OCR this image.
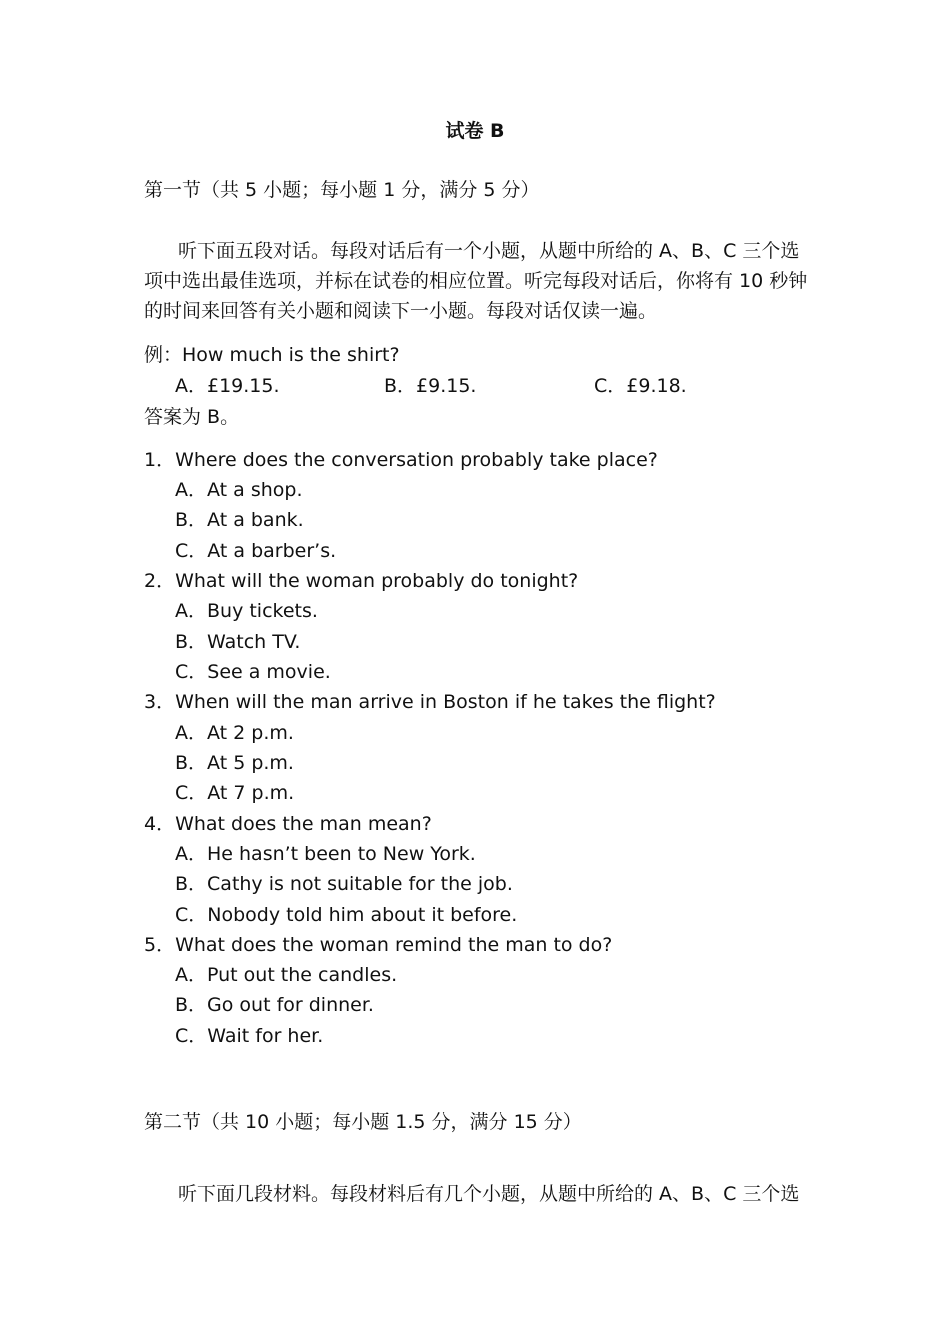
试卷 B
第一节（共 5 小题；每小题 1 分，满分 5 分）
听下面五段对话。每段对话后有一个小题，从题中所给的 A、B、C 三个选
项中选出最佳选项，并标在试卷的相应位置。听完每段对话后，你将有 10 秒钟
的时间来回答有关小题和阅读下一小题。每段对话仅读一遍。
例：How much is the shirt?
A．£19.15.	B．£9.15.	C．£9.18.
答案为 B。
1．Where does the conversation probably take place?
A．At a shop.
B．At a bank.
C．At a barber’s.
2．What will the woman probably do tonight?
A．Buy tickets.
B．Watch TV.
C．See a movie.
3．When will the man arrive in Boston if he takes the flight?
A．At 2 p.m.
B．At 5 p.m.
C．At 7 p.m.
4．What does the man mean?
A．He hasn’t been to New York.
B．Cathy is not suitable for the job.
C．Nobody told him about it before.
5．What does the woman remind the man to do?
A．Put out the candles.
B．Go out for dinner.
C．Wait for her.
第二节（共 10 小题；每小题 1.5 分，满分 15 分）
听下面几段材料。每段材料后有几个小题，从题中所给的 A、B、C 三个选
